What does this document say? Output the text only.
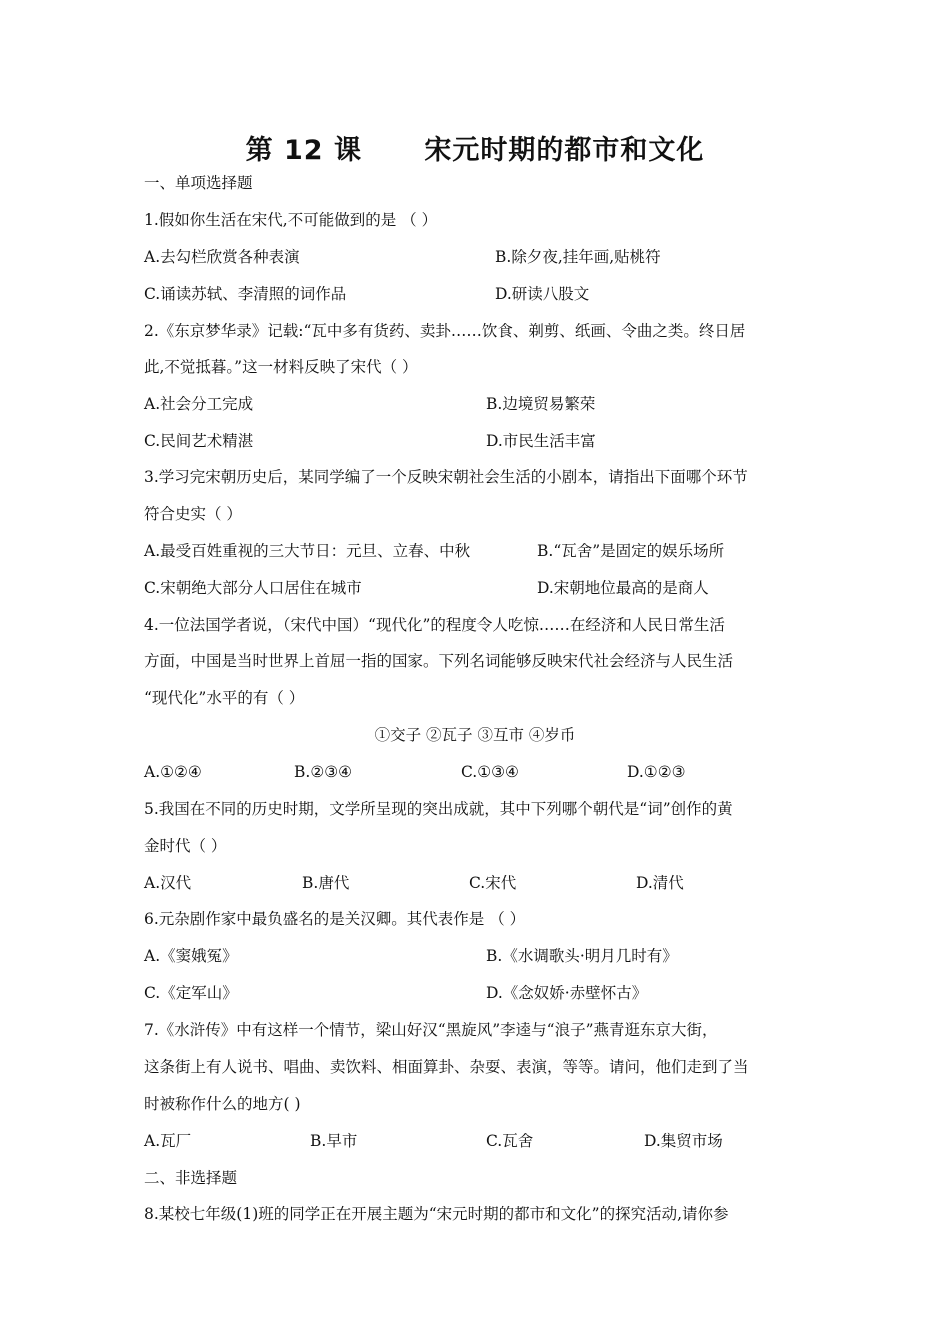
第 12 课      宋元时期的都市和文化
一、单项选择题
1.假如你生活在宋代,不可能做到的是 （ ）
A.去勾栏欣赏各种表演	B.除夕夜,挂年画,贴桃符
C.诵读苏轼、李清照的词作品	D.研读八股文
2.《东京梦华录》记载:“瓦中多有货药、卖卦……饮食、剃剪、纸画、令曲之类。终日居
此,不觉抵暮。”这一材料反映了宋代（ ）
A.社会分工完成	B.边境贸易繁荣
C.民间艺术精湛	D.市民生活丰富
3.学习完宋朝历史后，某同学编了一个反映宋朝社会生活的小剧本，请指出下面哪个环节
符合史实（ ）
A.最受百姓重视的三大节日：元旦、立春、中秋	B.“瓦舍”是固定的娱乐场所
C.宋朝绝大部分人口居住在城市	D.宋朝地位最高的是商人
4.一位法国学者说，（宋代中国）“现代化”的程度令人吃惊……在经济和人民日常生活
方面，中国是当时世界上首屈一指的国家。下列名词能够反映宋代社会经济与人民生活
“现代化”水平的有（ ）
①交子 ②瓦子 ③互市 ④岁币
A.①②④	B.②③④	C.①③④	D.①②③
5.我国在不同的历史时期，文学所呈现的突出成就，其中下列哪个朝代是“词”创作的黄
金时代（ ）
A.汉代	B.唐代	C.宋代	D.清代
6.元杂剧作家中最负盛名的是关汉卿。其代表作是 （ ）
A.《窦娥冤》	B.《水调歌头·明月几时有》
C.《定军山》	D.《念奴娇·赤壁怀古》
7.《水浒传》中有这样一个情节，梁山好汉“黑旋风”李逵与“浪子”燕青逛东京大街，
这条街上有人说书、唱曲、卖饮料、相面算卦、杂耍、表演，等等。请问，他们走到了当
时被称作什么的地方( )
A.瓦厂	B.早市	C.瓦舍	D.集贸市场
二、非选择题
8.某校七年级(1)班的同学正在开展主题为“宋元时期的都市和文化”的探究活动,请你参
